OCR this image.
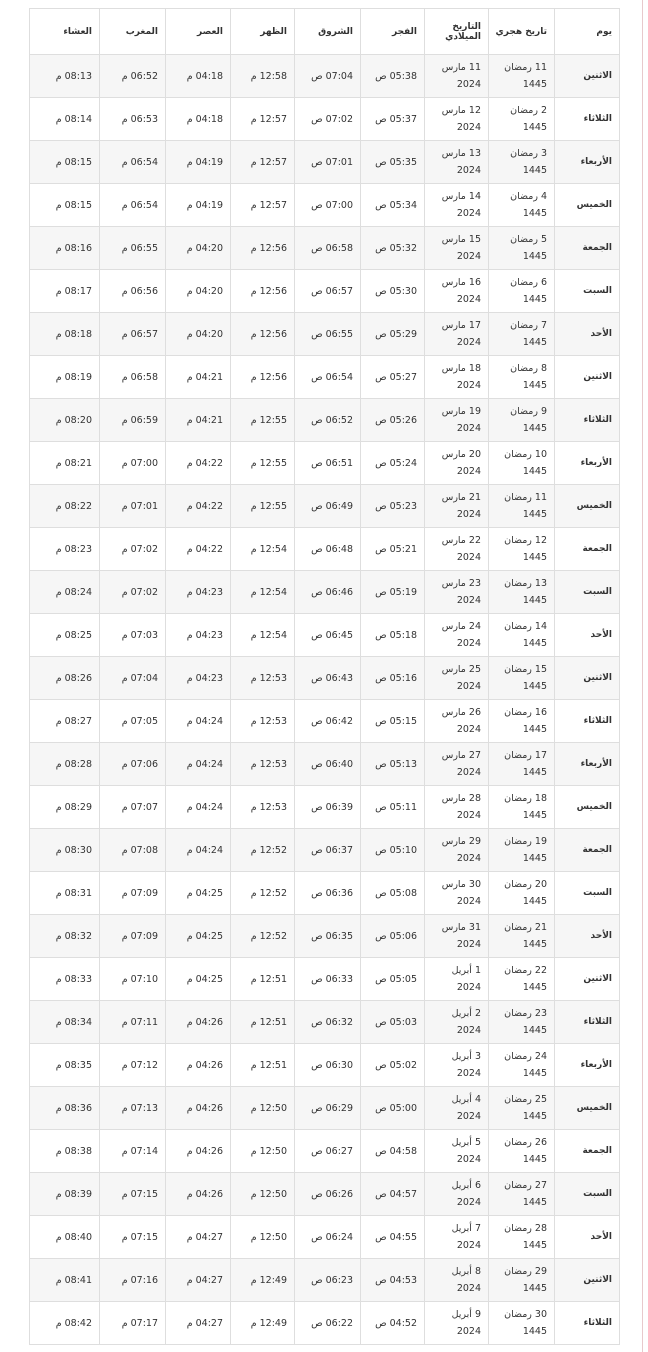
يوم	تاريخ هجري	التاريخ الميلادي	الفجر	الشروق	الظهر	العصر	المغرب	العشاء
الاثنين	11 رمضان 1445	11 مارس 2024	05:38 ص	07:04 ص	12:58 م	04:18 م	06:52 م	08:13 م
الثلاثاء	2 رمضان 1445	12 مارس 2024	05:37 ص	07:02 ص	12:57 م	04:18 م	06:53 م	08:14 م
الأربعاء	3 رمضان 1445	13 مارس 2024	05:35 ص	07:01 ص	12:57 م	04:19 م	06:54 م	08:15 م
الخميس	4 رمضان 1445	14 مارس 2024	05:34 ص	07:00 ص	12:57 م	04:19 م	06:54 م	08:15 م
الجمعة	5 رمضان 1445	15 مارس 2024	05:32 ص	06:58 ص	12:56 م	04:20 م	06:55 م	08:16 م
السبت	6 رمضان 1445	16 مارس 2024	05:30 ص	06:57 ص	12:56 م	04:20 م	06:56 م	08:17 م
الأحد	7 رمضان 1445	17 مارس 2024	05:29 ص	06:55 ص	12:56 م	04:20 م	06:57 م	08:18 م
الاثنين	8 رمضان 1445	18 مارس 2024	05:27 ص	06:54 ص	12:56 م	04:21 م	06:58 م	08:19 م
الثلاثاء	9 رمضان 1445	19 مارس 2024	05:26 ص	06:52 ص	12:55 م	04:21 م	06:59 م	08:20 م
الأربعاء	10 رمضان 1445	20 مارس 2024	05:24 ص	06:51 ص	12:55 م	04:22 م	07:00 م	08:21 م
الخميس	11 رمضان 1445	21 مارس 2024	05:23 ص	06:49 ص	12:55 م	04:22 م	07:01 م	08:22 م
الجمعة	12 رمضان 1445	22 مارس 2024	05:21 ص	06:48 ص	12:54 م	04:22 م	07:02 م	08:23 م
السبت	13 رمضان 1445	23 مارس 2024	05:19 ص	06:46 ص	12:54 م	04:23 م	07:02 م	08:24 م
الأحد	14 رمضان 1445	24 مارس 2024	05:18 ص	06:45 ص	12:54 م	04:23 م	07:03 م	08:25 م
الاثنين	15 رمضان 1445	25 مارس 2024	05:16 ص	06:43 ص	12:53 م	04:23 م	07:04 م	08:26 م
الثلاثاء	16 رمضان 1445	26 مارس 2024	05:15 ص	06:42 ص	12:53 م	04:24 م	07:05 م	08:27 م
الأربعاء	17 رمضان 1445	27 مارس 2024	05:13 ص	06:40 ص	12:53 م	04:24 م	07:06 م	08:28 م
الخميس	18 رمضان 1445	28 مارس 2024	05:11 ص	06:39 ص	12:53 م	04:24 م	07:07 م	08:29 م
الجمعة	19 رمضان 1445	29 مارس 2024	05:10 ص	06:37 ص	12:52 م	04:24 م	07:08 م	08:30 م
السبت	20 رمضان 1445	30 مارس 2024	05:08 ص	06:36 ص	12:52 م	04:25 م	07:09 م	08:31 م
الأحد	21 رمضان 1445	31 مارس 2024	05:06 ص	06:35 ص	12:52 م	04:25 م	07:09 م	08:32 م
الاثنين	22 رمضان 1445	1 أبريل 2024	05:05 ص	06:33 ص	12:51 م	04:25 م	07:10 م	08:33 م
الثلاثاء	23 رمضان 1445	2 أبريل 2024	05:03 ص	06:32 ص	12:51 م	04:26 م	07:11 م	08:34 م
الأربعاء	24 رمضان 1445	3 أبريل 2024	05:02 ص	06:30 ص	12:51 م	04:26 م	07:12 م	08:35 م
الخميس	25 رمضان 1445	4 أبريل 2024	05:00 ص	06:29 ص	12:50 م	04:26 م	07:13 م	08:36 م
الجمعة	26 رمضان 1445	5 أبريل 2024	04:58 ص	06:27 ص	12:50 م	04:26 م	07:14 م	08:38 م
السبت	27 رمضان 1445	6 أبريل 2024	04:57 ص	06:26 ص	12:50 م	04:26 م	07:15 م	08:39 م
الأحد	28 رمضان 1445	7 أبريل 2024	04:55 ص	06:24 ص	12:50 م	04:27 م	07:15 م	08:40 م
الاثنين	29 رمضان 1445	8 أبريل 2024	04:53 ص	06:23 ص	12:49 م	04:27 م	07:16 م	08:41 م
الثلاثاء	30 رمضان 1445	9 أبريل 2024	04:52 ص	06:22 ص	12:49 م	04:27 م	07:17 م	08:42 م
